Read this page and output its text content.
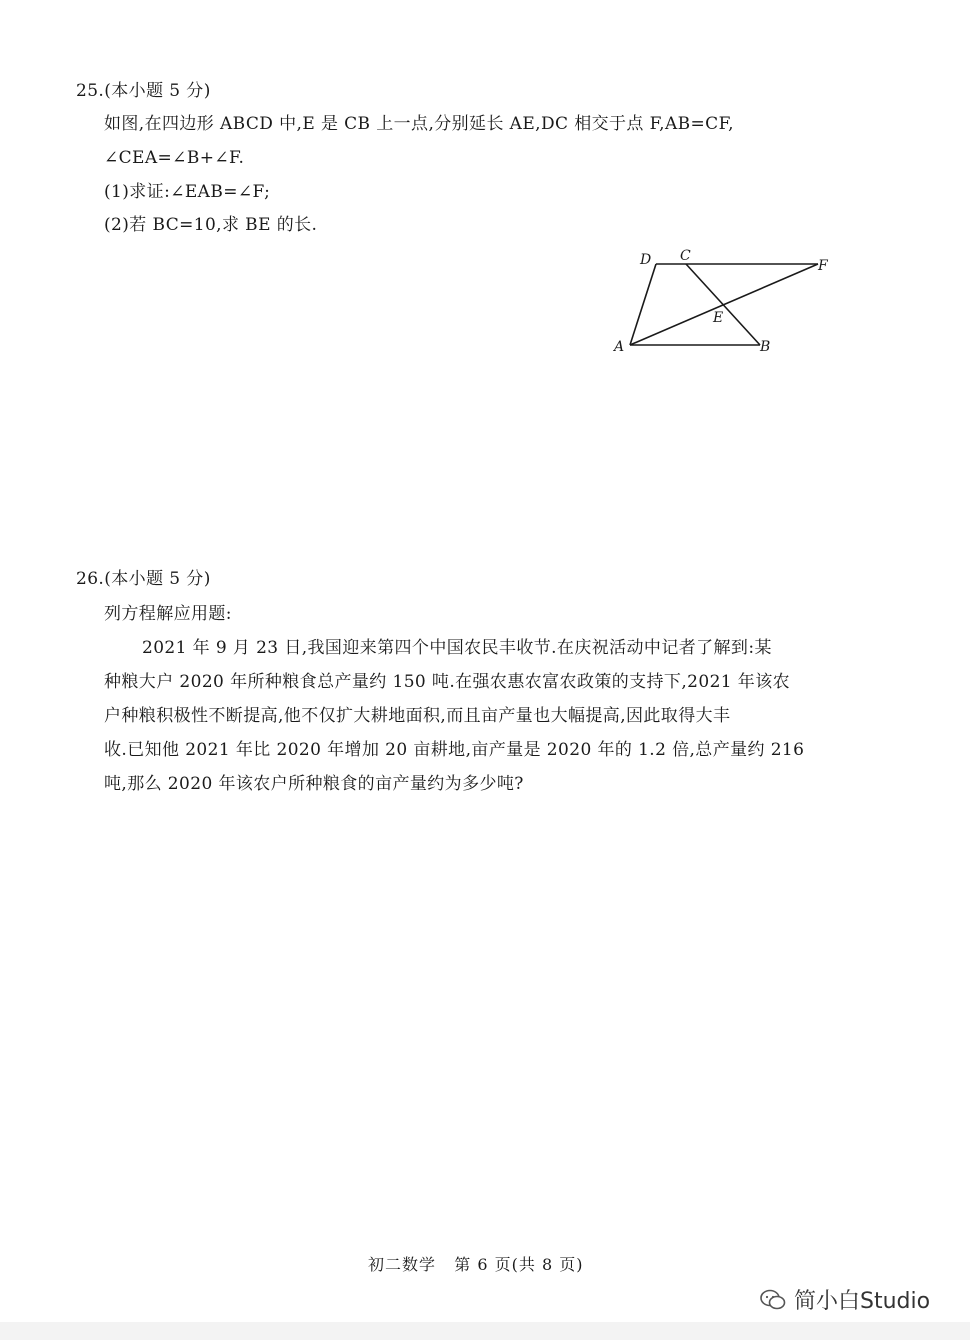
25.(本小题 5 分)
如图,在四边形 ABCD 中,E 是 CB 上一点,分别延长 AE,DC 相交于点 F,AB=CF,
∠CEA=∠B+∠F.
(1)求证:∠EAB=∠F;
(2)若 BC=10,求 BE 的长.
D C
F
E
A	B
26.(本小题 5 分)
列方程解应用题:
2021 年 9 月 23 日,我国迎来第四个中国农民丰收节.在庆祝活动中记者了解到:某
种粮大户 2020 年所种粮食总产量约 150 吨.在强农惠农富农政策的支持下,2021 年该农
户种粮积极性不断提高,他不仅扩大耕地面积,而且亩产量也大幅提高,因此取得大丰
收.已知他 2021 年比 2020 年增加 20 亩耕地,亩产量是 2020 年的 1.2 倍,总产量约 216
吨,那么 2020 年该农户所种粮食的亩产量约为多少吨?
初二数学   第 6 页(共 8 页)
简小白Studio
